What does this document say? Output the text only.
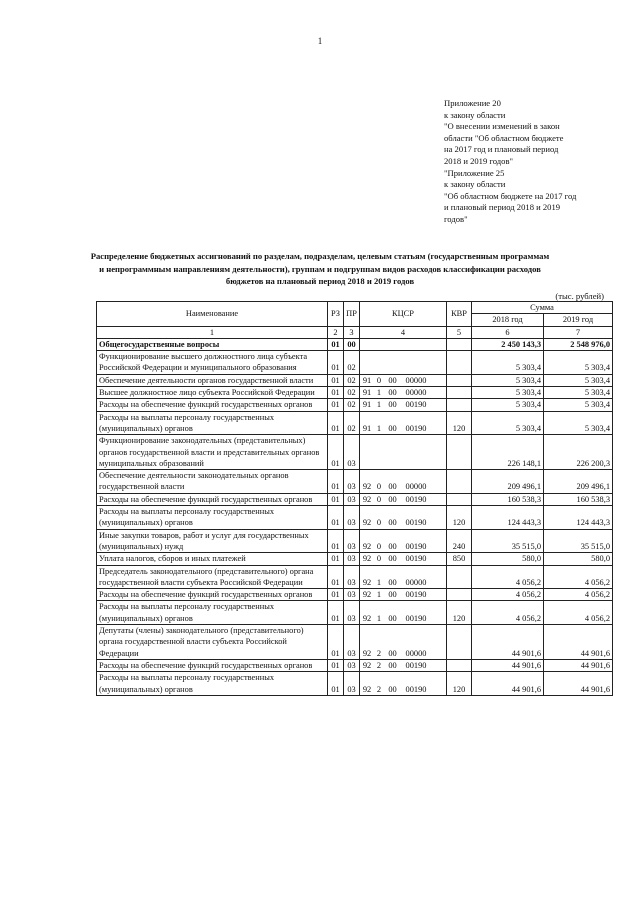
1
Приложение 20
к закону области
"О внесении изменений в закон
области "Об областном бюджете
на 2017 год и плановый период
2018 и 2019 годов"
"Приложение 25
к закону области
"Об областном бюджете на 2017 год
и плановый период 2018 и 2019
годов"
Распределение бюджетных ассигнований по разделам, подразделам, целевым статьям (государственным программам и непрограммным направлениям деятельности), группам и подгруппам видов расходов классификации расходов бюджетов на плановый период 2018 и 2019 годов
(тыс. рублей)
Наименование	РЗ	ПР	КЦСР	КВР	Сумма	
					2018 год	2019 год
1	2	3	4	5	6	7
Общегосударственные вопросы	01	00			2 450 143,3	2 548 976,0
Функционирование высшего должностного лица субъекта Российской Федерации и муниципального образования	01	02			5 303,4	5 303,4
Обеспечение деятельности органов государственной власти	01	02	91 0 00 00000		5 303,4	5 303,4
Высшее должностное лицо субъекта Российской Федерации	01	02	91 1 00 00000		5 303,4	5 303,4
Расходы на обеспечение функций государственных органов	01	02	91 1 00 00190		5 303,4	5 303,4
Расходы на выплаты персоналу государственных (муниципальных) органов	01	02	91 1 00 00190	120	5 303,4	5 303,4
Функционирование законодательных (представительных) органов государственной власти и представительных органов муниципальных образований	01	03			226 148,1	226 200,3
Обеспечение деятельности законодательных органов государственной власти	01	03	92 0 00 00000		209 496,1	209 496,1
Расходы на обеспечение функций государственных органов	01	03	92 0 00 00190		160 538,3	160 538,3
Расходы на выплаты персоналу государственных (муниципальных) органов	01	03	92 0 00 00190	120	124 443,3	124 443,3
Иные закупки товаров, работ и услуг для государственных (муниципальных) нужд	01	03	92 0 00 00190	240	35 515,0	35 515,0
Уплата налогов, сборов и иных платежей	01	03	92 0 00 00190	850	580,0	580,0
Председатель законодательного (представительного) органа государственной власти субъекта Российской Федерации	01	03	92 1 00 00000		4 056,2	4 056,2
Расходы на обеспечение функций государственных органов	01	03	92 1 00 00190		4 056,2	4 056,2
Расходы на выплаты персоналу государственных (муниципальных) органов	01	03	92 1 00 00190	120	4 056,2	4 056,2
Депутаты (члены) законодательного (представительного) органа государственной власти субъекта Российской Федерации	01	03	92 2 00 00000		44 901,6	44 901,6
Расходы на обеспечение функций государственных органов	01	03	92 2 00 00190		44 901,6	44 901,6
Расходы на выплаты персоналу государственных (муниципальных) органов	01	03	92 2 00 00190	120	44 901,6	44 901,6
